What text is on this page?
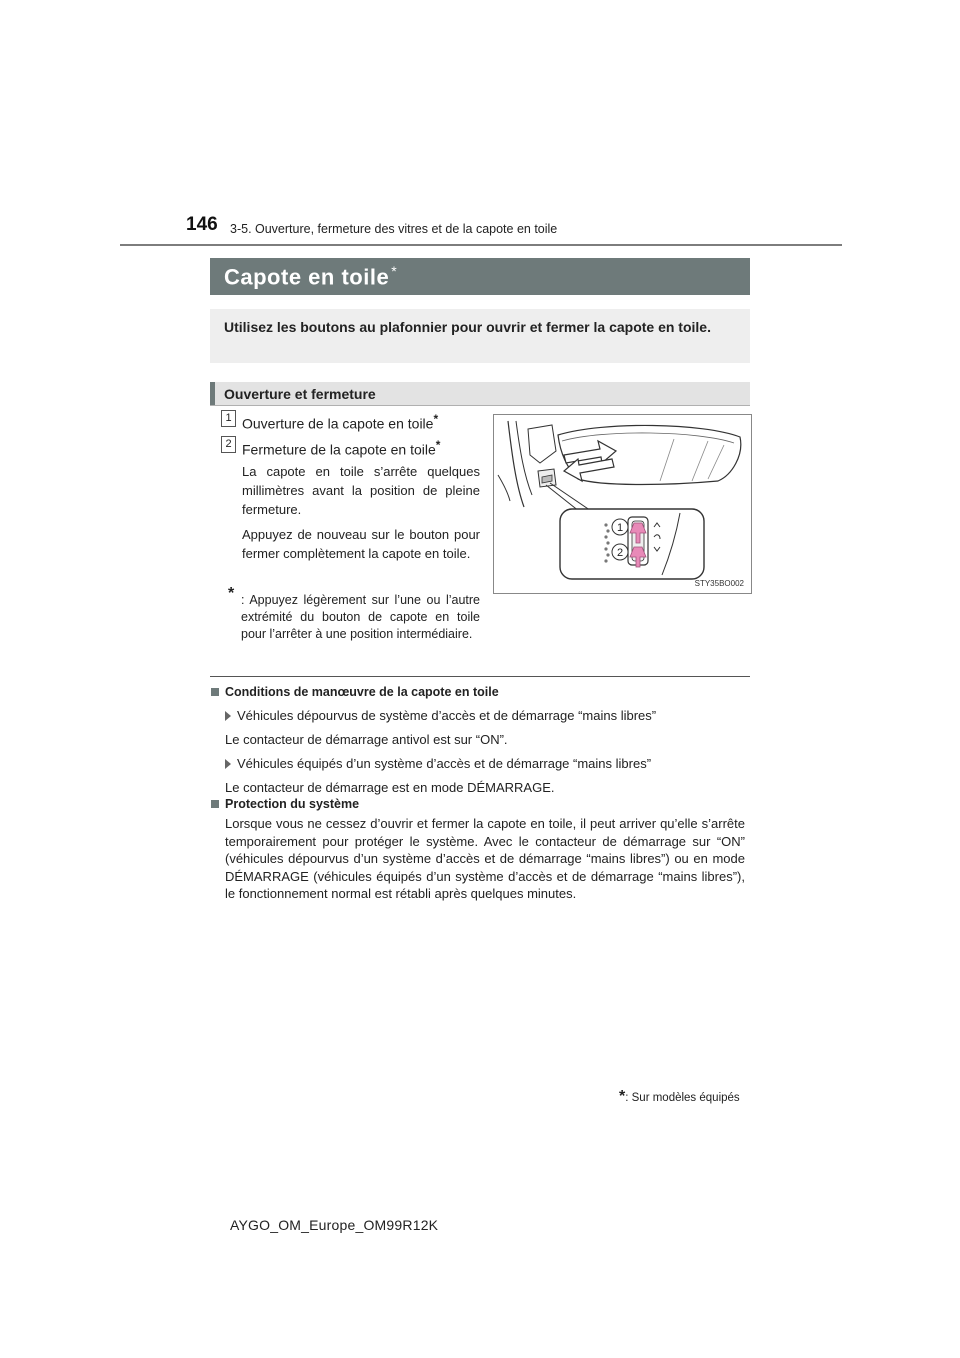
146 3-5. Ouverture, fermeture des vitres et de la capote en toile
Capote en toile *
Utilisez les boutons au plafonnier pour ouvrir et fermer la capote en toile.
Ouverture et fermeture
1 Ouverture de la capote en toile*
2 Fermeture de la capote en toile*
La capote en toile s’arrête quelques millimètres avant la position de pleine fermeture.
Appuyez de nouveau sur le bouton pour fermer complètement la capote en toile.
* : Appuyez légèrement sur l’une ou l’autre extrémité du bouton de capote en toile pour l’arrêter à une position intermédiaire.
1
2
STY35BO002
Conditions de manœuvre de la capote en toile
Véhicules dépourvus de système d’accès et de démarrage “mains libres”
Le contacteur de démarrage antivol est sur “ON”.
Véhicules équipés d’un système d’accès et de démarrage “mains libres”
Le contacteur de démarrage est en mode DÉMARRAGE.
Protection du système
Lorsque vous ne cessez d’ouvrir et fermer la capote en toile, il peut arriver qu’elle s’arrête temporairement pour protéger le système. Avec le contacteur de démarrage sur “ON” (véhicules dépourvus d’un système d’accès et de démarrage “mains libres”) ou en mode DÉMARRAGE (véhicules équipés d’un système d’accès et de démarrage “mains libres”), le fonctionnement normal est rétabli après quelques minutes.
*: Sur modèles équipés
AYGO_OM_Europe_OM99R12K
